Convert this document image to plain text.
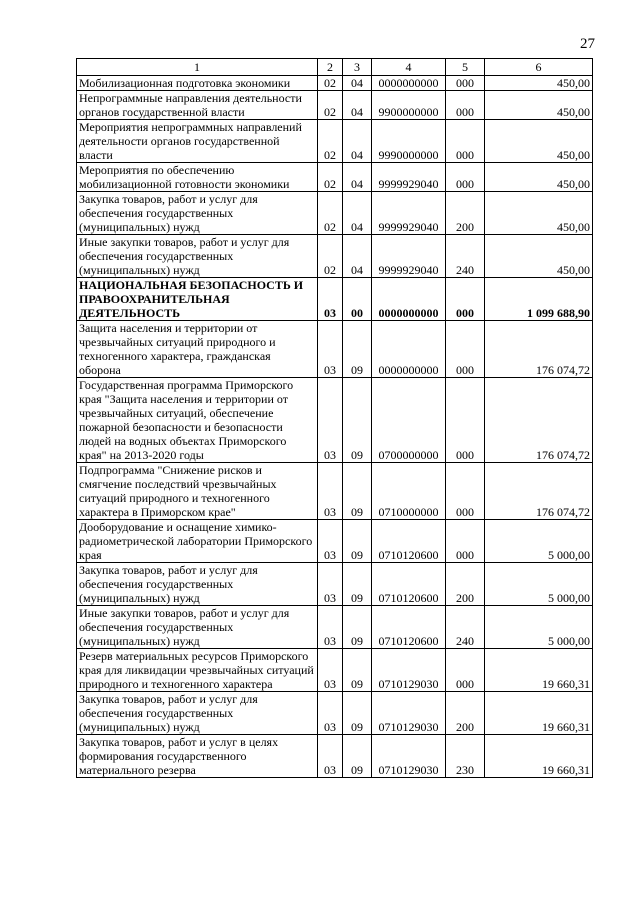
27
1	2	3	4	5	6
Мобилизационная подготовка экономики	02	04	0000000000	000	450,00
Непрограммные направления деятельности органов государственной власти	02	04	9900000000	000	450,00
Мероприятия непрограммных направлений деятельности органов государственной власти	02	04	9990000000	000	450,00
Мероприятия по обеспечению мобилизационной готовности экономики	02	04	9999929040	000	450,00
Закупка товаров, работ и услуг для обеспечения государственных (муниципальных) нужд	02	04	9999929040	200	450,00
Иные закупки товаров, работ и услуг для обеспечения государственных (муниципальных) нужд	02	04	9999929040	240	450,00
НАЦИОНАЛЬНАЯ БЕЗОПАСНОСТЬ И ПРАВООХРАНИТЕЛЬНАЯ ДЕЯТЕЛЬНОСТЬ	03	00	0000000000	000	1 099 688,90
Защита населения и территории от чрезвычайных ситуаций природного и техногенного характера, гражданская оборона	03	09	0000000000	000	176 074,72
Государственная программа Приморского края "Защита населения и территории от чрезвычайных ситуаций, обеспечение пожарной безопасности и безопасности людей на водных объектах Приморского края" на 2013-2020 годы	03	09	0700000000	000	176 074,72
Подпрограмма "Снижение рисков и смягчение последствий чрезвычайных ситуаций природного и техногенного характера в Приморском крае"	03	09	0710000000	000	176 074,72
Дооборудование и оснащение химико-радиометрической лаборатории Приморского края	03	09	0710120600	000	5 000,00
Закупка товаров, работ и услуг для обеспечения государственных (муниципальных) нужд	03	09	0710120600	200	5 000,00
Иные закупки товаров, работ и услуг для обеспечения государственных (муниципальных) нужд	03	09	0710120600	240	5 000,00
Резерв материальных ресурсов Приморского края для ликвидации чрезвычайных ситуаций природного и техногенного характера	03	09	0710129030	000	19 660,31
Закупка товаров, работ и услуг для обеспечения государственных (муниципальных) нужд	03	09	0710129030	200	19 660,31
Закупка товаров, работ и услуг в целях формирования государственного материального резерва	03	09	0710129030	230	19 660,31
